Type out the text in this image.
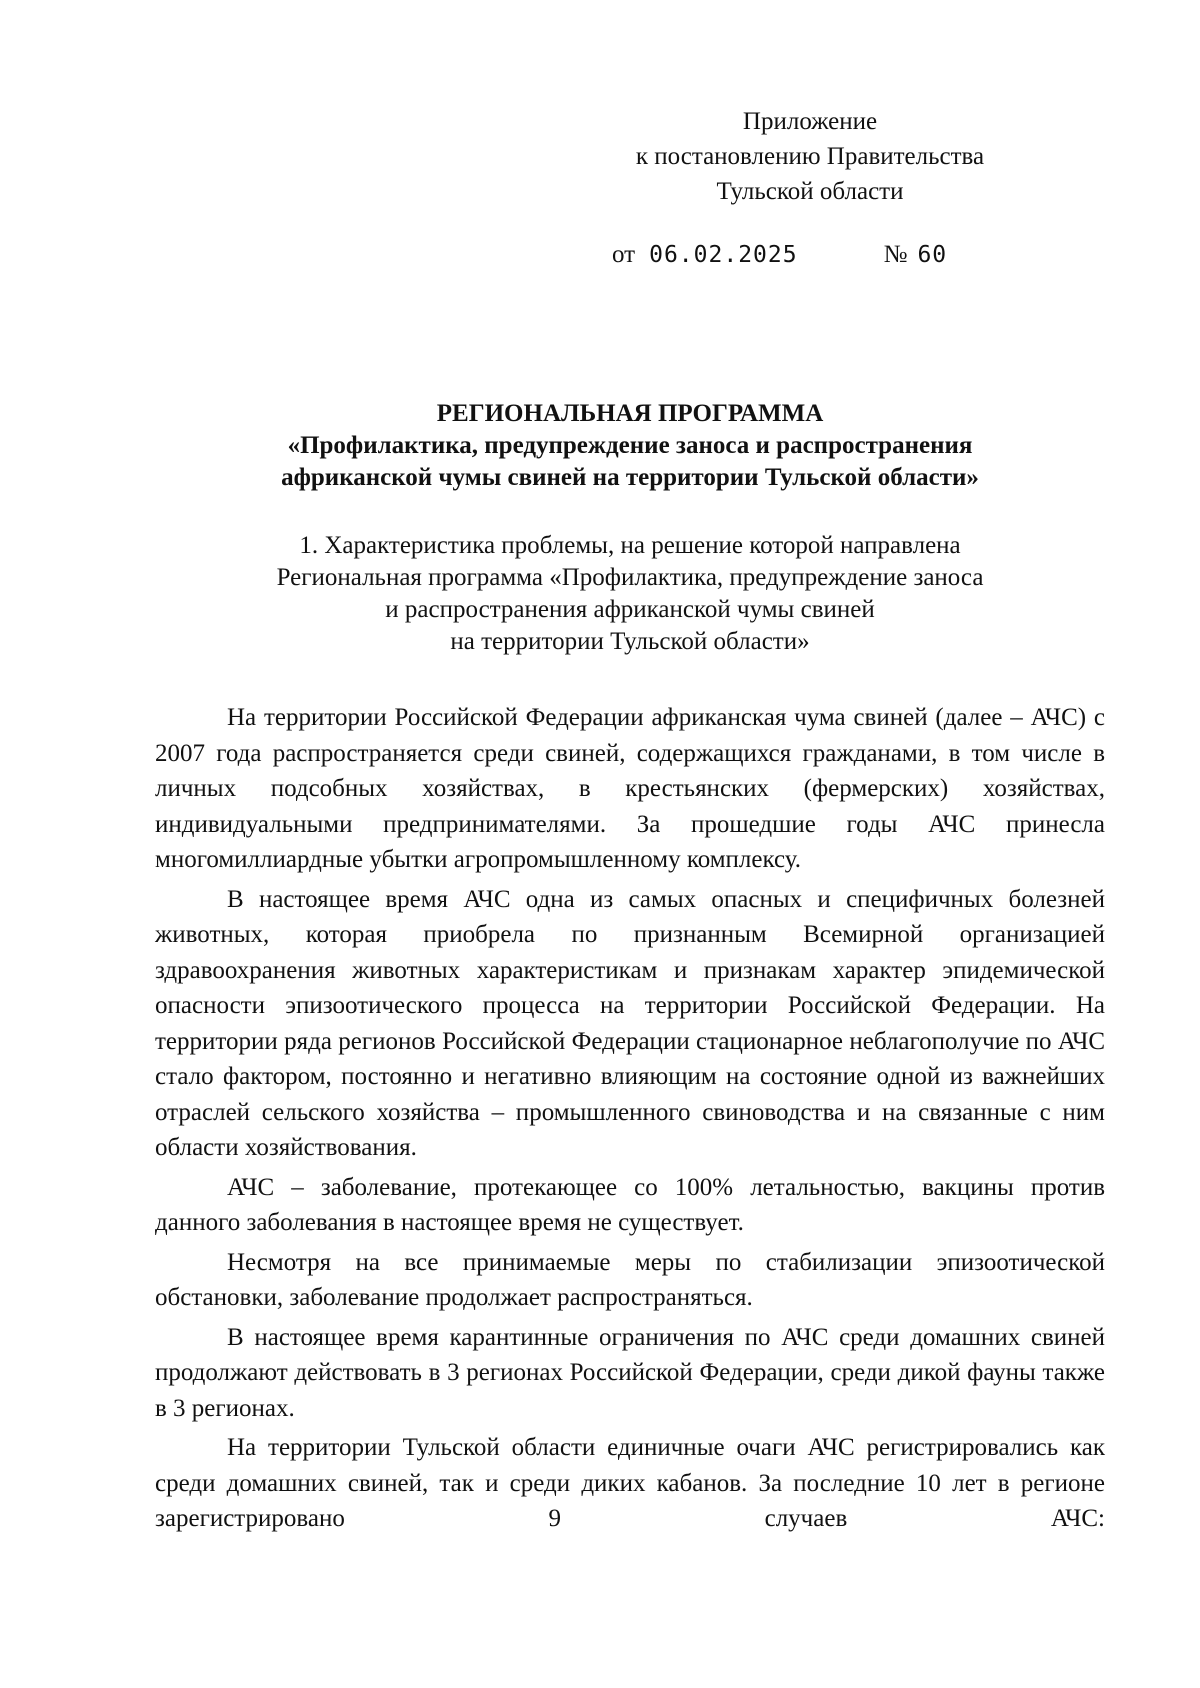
Приложение
к постановлению Правительства
Тульской области
от 06.02.2025	№ 60
РЕГИОНАЛЬНАЯ ПРОГРАММА
«Профилактика, предупреждение заноса и распространения
африканской чумы свиней на территории Тульской области»
1. Характеристика проблемы, на решение которой направлена
Региональная программа «Профилактика, предупреждение заноса
и распространения африканской чумы свиней
на территории Тульской области»

На территории Российской Федерации африканская чума свиней (далее – АЧС) с 2007 года распространяется среди свиней, содержащихся гражданами, в том числе в личных подсобных хозяйствах, в крестьянских (фермерских) хозяйствах, индивидуальными предпринимателями. За прошедшие годы АЧС принесла многомиллиардные убытки агропромышленному комплексу.

В настоящее время АЧС одна из самых опасных и специфичных болезней животных, которая приобрела по признанным Всемирной организацией здравоохранения животных характеристикам и признакам характер эпидемической опасности эпизоотического процесса на территории Российской Федерации. На территории ряда регионов Российской Федерации стационарное неблагополучие по АЧС стало фактором, постоянно и негативно влияющим на состояние одной из важнейших отраслей сельского хозяйства – промышленного свиноводства и на связанные с ним области хозяйствования.

АЧС – заболевание, протекающее со 100% летальностью, вакцины против данного заболевания в настоящее время не существует.

Несмотря на все принимаемые меры по стабилизации эпизоотической обстановки, заболевание продолжает распространяться.

В настоящее время карантинные ограничения по АЧС среди домашних свиней продолжают действовать в 3 регионах Российской Федерации, среди дикой фауны также в 3 регионах.

На территории Тульской области единичные очаги АЧС регистрировались как среди домашних свиней, так и среди диких кабанов. За последние 10 лет в регионе зарегистрировано 9 случаев АЧС:
